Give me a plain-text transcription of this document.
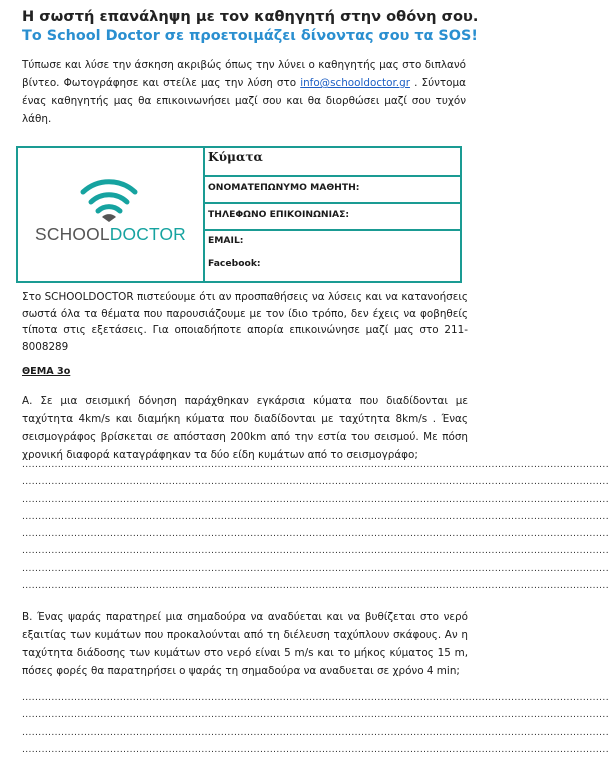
Η σωστή επανάληψη με τον καθηγητή στην οθόνη σου.
Το School Doctor σε προετοιμάζει δίνοντας σου τα SOS!
Τύπωσε και λύσε την άσκηση ακριβώς όπως την λύνει ο καθηγητής μας στο διπλανό βίντεο. Φωτογράφησε και στείλε μας την λύση στο info@schooldoctor.gr . Σύντομα ένας καθηγητής μας θα επικοινωνήσει μαζί σου και θα διορθώσει μαζί σου τυχόν λάθη.
SCHOOLDOCTOR
Κύματα
ΟΝΟΜΑΤΕΠΩΝΥΜΟ ΜΑΘΗΤΗ:
ΤΗΛΕΦΩΝΟ ΕΠΙΚΟΙΝΩΝΙΑΣ:
EMAIL:
Facebook:
Στο SCHOOLDOCTOR πιστεύουμε ότι αν προσπαθήσεις να λύσεις και να κατανοήσεις σωστά όλα τα θέματα που παρουσιάζουμε με τον ίδιο τρόπο, δεν έχεις να φοβηθείς τίποτα στις εξετάσεις. Για οποιαδήποτε απορία επικοινώνησε μαζί μας στο 211-8008289
ΘΕΜΑ 3ο
Α. Σε μια σεισμική δόνηση παράχθηκαν εγκάρσια κύματα που διαδίδονται με ταχύτητα 4km/s και διαμήκη κύματα που διαδίδονται με ταχύτητα 8km/s . Ένας σεισμογράφος βρίσκεται σε απόσταση 200km από την εστία του σεισμού. Με πόση χρονική διαφορά καταγράφηκαν τα δύο είδη κυμάτων από το σεισμογράφο;
....................................................................................................................................................................................
....................................................................................................................................................................................
....................................................................................................................................................................................
....................................................................................................................................................................................
....................................................................................................................................................................................
....................................................................................................................................................................................
....................................................................................................................................................................................
....................................................................................................................................................................................
Β. Ένας ψαράς παρατηρεί μια σημαδούρα να αναδύεται και να βυθίζεται στο νερό εξαιτίας των κυμάτων που προκαλούνται από τη διέλευση ταχύπλουν σκάφους. Αν η ταχύτητα διάδοσης των κυμάτων στο νερό είναι 5 m/s και το μήκος κύματος 15 m, πόσες φορές θα παρατηρήσει ο ψαράς τη σημαδούρα να αναδυεται σε χρόνο 4 min;
....................................................................................................................................................................................
....................................................................................................................................................................................
....................................................................................................................................................................................
....................................................................................................................................................................................
